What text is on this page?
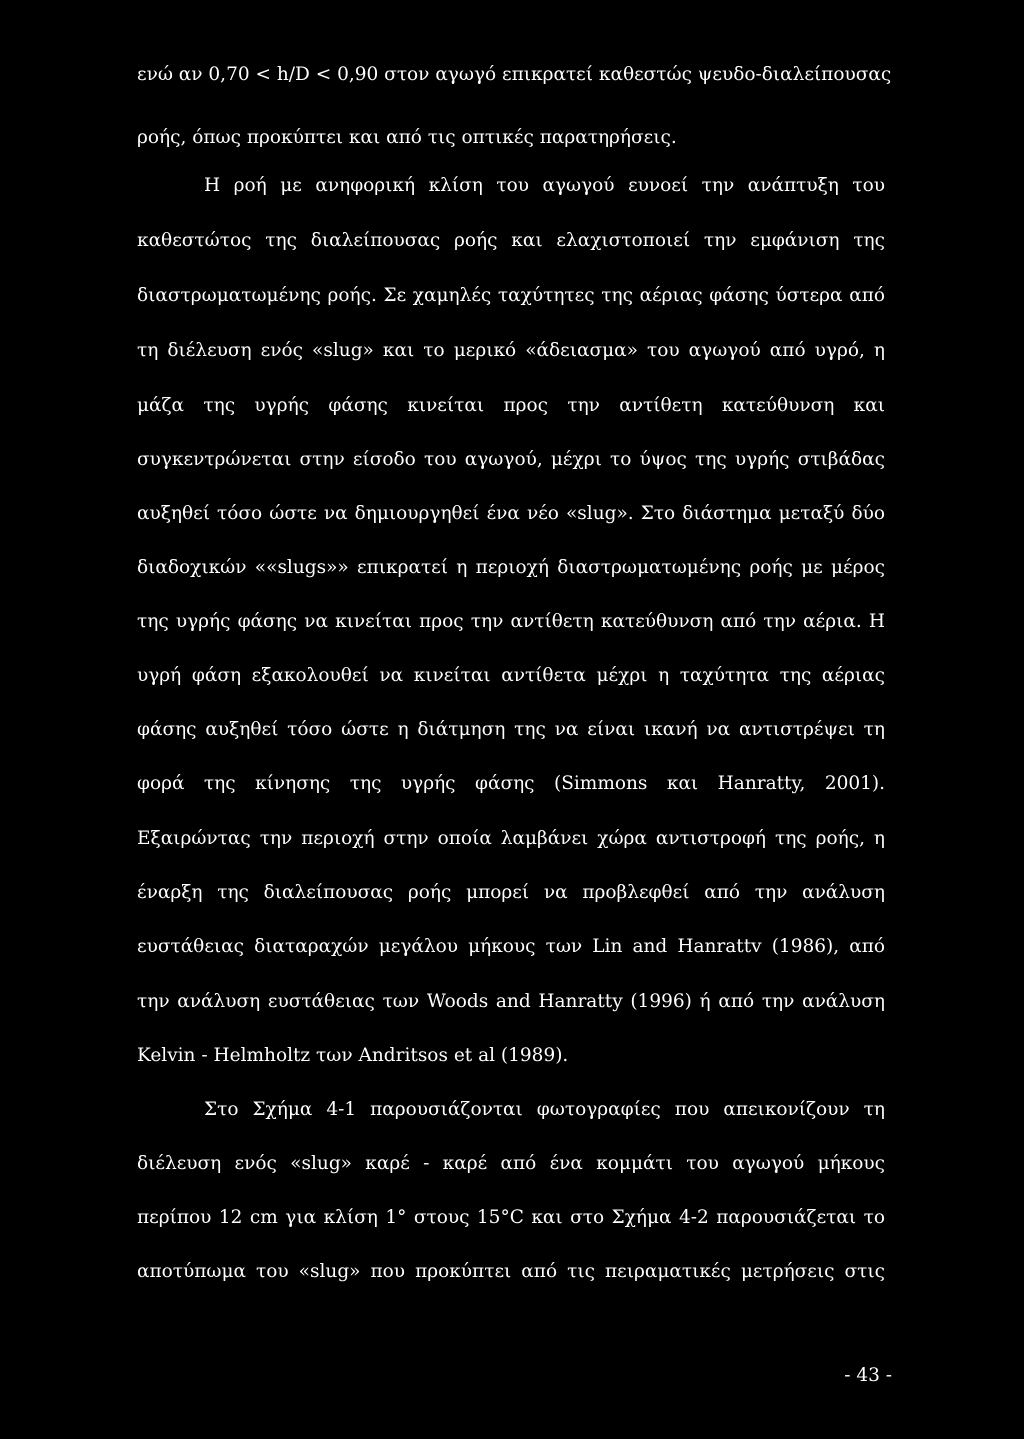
ενώ αν 0,70 < h/D < 0,90 στον αγωγό επικρατεί καθεστώς ψευδο-διαλείπουσας
ροής, όπως προκύπτει και από τις οπτικές παρατηρήσεις.
Η ροή με ανηφορική κλίση του αγωγού ευνοεί την ανάπτυξη του
καθεστώτος της διαλείπουσας ροής και ελαχιστοποιεί την εμφάνιση της
διαστρωματωμένης ροής. Σε χαμηλές ταχύτητες της αέριας φάσης ύστερα από
τη διέλευση ενός «slug» και το μερικό «άδειασμα» του αγωγού από υγρό, η
μάζα της υγρής φάσης κινείται προς την αντίθετη κατεύθυνση και
συγκεντρώνεται στην είσοδο του αγωγού, μέχρι το ύψος της υγρής στιβάδας
αυξηθεί τόσο ώστε να δημιουργηθεί ένα νέο «slug». Στο διάστημα μεταξύ δύο
διαδοχικών ««slugs»» επικρατεί η περιοχή διαστρωματωμένης ροής με μέρος
της υγρής φάσης να κινείται προς την αντίθετη κατεύθυνση από την αέρια. Η
υγρή φάση εξακολουθεί να κινείται αντίθετα μέχρι η ταχύτητα της αέριας
φάσης αυξηθεί τόσο ώστε η διάτμηση της να είναι ικανή να αντιστρέψει τη
φορά της κίνησης της υγρής φάσης (Simmons και Hanratty, 2001).
Εξαιρώντας την περιοχή στην οποία λαμβάνει χώρα αντιστροφή της ροής, η
έναρξη της διαλείπουσας ροής μπορεί να προβλεφθεί από την ανάλυση
ευστάθειας διαταραχών μεγάλου μήκους των Lin and Hanrattv (1986), από
την ανάλυση ευστάθειας των Woods and Hanratty (1996) ή από την ανάλυση
Kelvin - Helmholtz των Andritsos et al (1989).
Στο Σχήμα 4-1 παρουσιάζονται φωτογραφίες που απεικονίζουν τη
διέλευση ενός «slug» καρέ - καρέ από ένα κομμάτι του αγωγού μήκους
περίπου 12 cm για κλίση 1° στους 15°C και στο Σχήμα 4-2 παρουσιάζεται το
αποτύπωμα του «slug» που προκύπτει από τις πειραματικές μετρήσεις στις
- 43 -
